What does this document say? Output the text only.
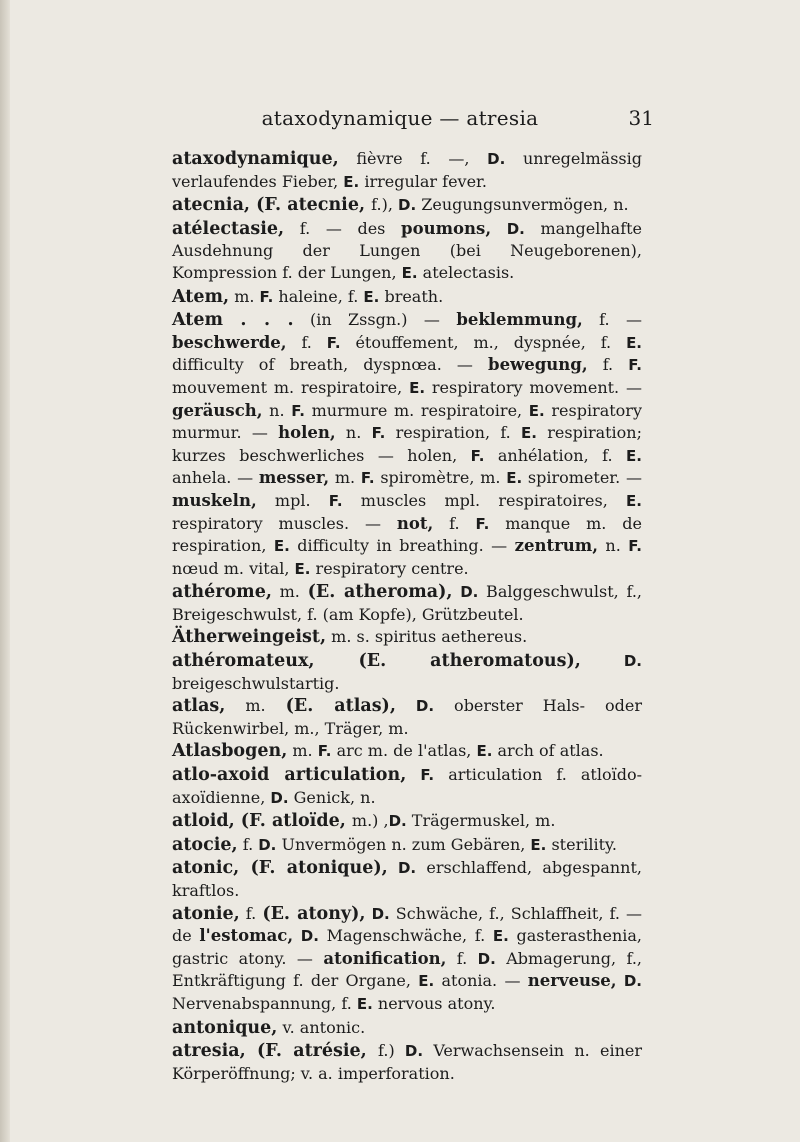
ataxodynamique — atresia	31
ataxodynamique, fièvre f. —, D. unregelmässig verlaufendes Fieber, E. irregular fever.
atecnia, (F. atecnie, f.), D. Zeugungsunvermögen, n.
atélectasie, f. — des poumons, D. mangelhafte Ausdehnung der Lungen (bei Neugeborenen), Kompression f. der Lungen, E. atelectasis.
Atem, m. F. haleine, f. E. breath.
Atem . . . (in Zssgn.) — beklemmung, f. — beschwerde, f. F. étouffement, m., dyspnée, f. E. difficulty of breath, dyspnœa. — bewegung, f. F. mouvement m. respiratoire, E. respiratory movement. — geräusch, n. F. murmure m. respiratoire, E. respiratory murmur. — holen, n. F. respiration, f. E. respiration; kurzes beschwerliches — holen, F. anhélation, f. E. anhela. — messer, m. F. spiromètre, m. E. spirometer. — muskeln, mpl. F. muscles mpl. respiratoires, E. respiratory muscles. — not, f. F. manque m. de respiration, E. difficulty in breathing. — zentrum, n. F. nœud m. vital, E. respiratory centre.
athérome, m. (E. atheroma), D. Balggeschwulst, f., Breigeschwulst, f. (am Kopfe), Grützbeutel.
Ätherweingeist, m. s. spiritus aethereus.
athéromateux, (E. atheromatous),	D. breigeschwulstartig.
atlas, m. (E. atlas), D. oberster Hals- oder Rückenwirbel, m., Träger, m.
Atlasbogen, m. F. arc m. de l'atlas, E. arch of atlas.
atlo-axoid articulation, F. articulation f. atloïdo-axoïdienne, D. Genick, n.
atloid, (F. atloïde, m.) ,D. Trägermuskel, m.
atocie, f. D. Unvermögen n. zum Gebären, E. sterility.
atonic, (F. atonique), D. erschlaffend, abgespannt, kraftlos.
atonie, f. (E. atony), D. Schwäche, f., Schlaffheit, f. — de l'estomac, D. Magenschwäche, f. E. gasterasthenia, gastric atony. — atonification, f. D. Abmagerung, f., Entkräftigung f. der Organe, E. atonia. — nerveuse, D. Nervenabspannung, f. E. nervous atony.
antonique, v. antonic.
atresia, (F. atrésie, f.) D. Verwachsensein n. einer Körperöffnung; v. a. imperforation.
